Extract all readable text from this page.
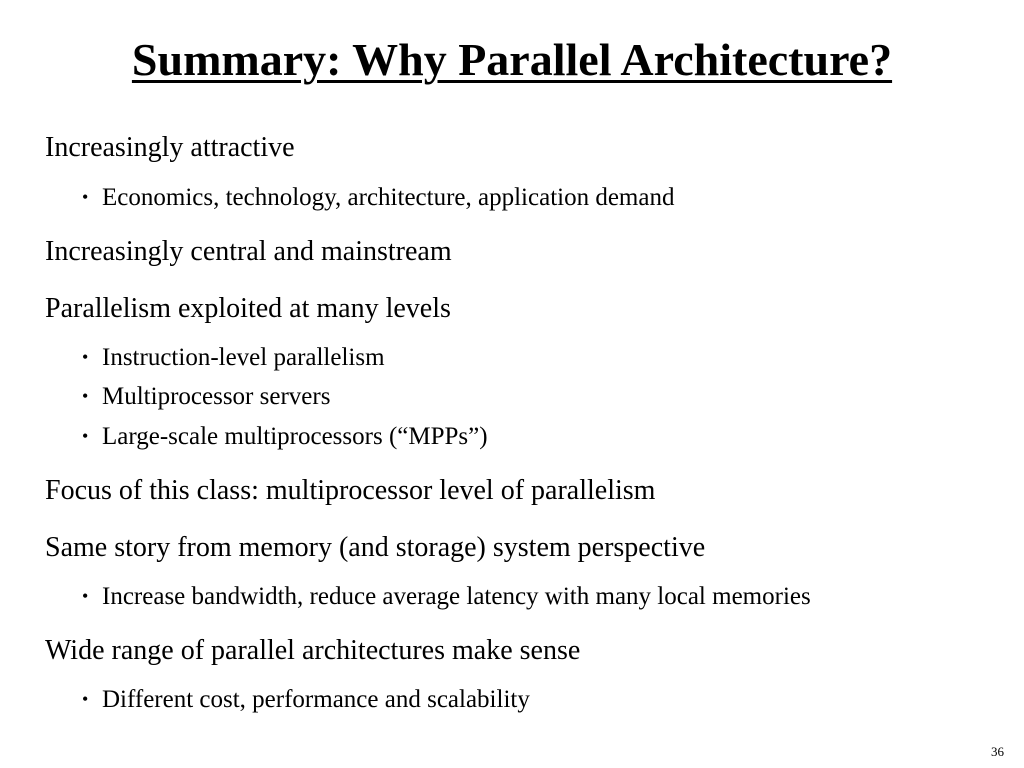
Summary: Why Parallel Architecture?
Increasingly attractive
• Economics, technology, architecture, application demand
Increasingly central and mainstream
Parallelism exploited at many levels
• Instruction-level parallelism
• Multiprocessor servers
• Large-scale multiprocessors (“MPPs”)
Focus of this class: multiprocessor level of parallelism
Same story from memory (and storage) system perspective
• Increase bandwidth, reduce average latency with many local memories
Wide range of parallel architectures make sense
• Different cost, performance and scalability
36
